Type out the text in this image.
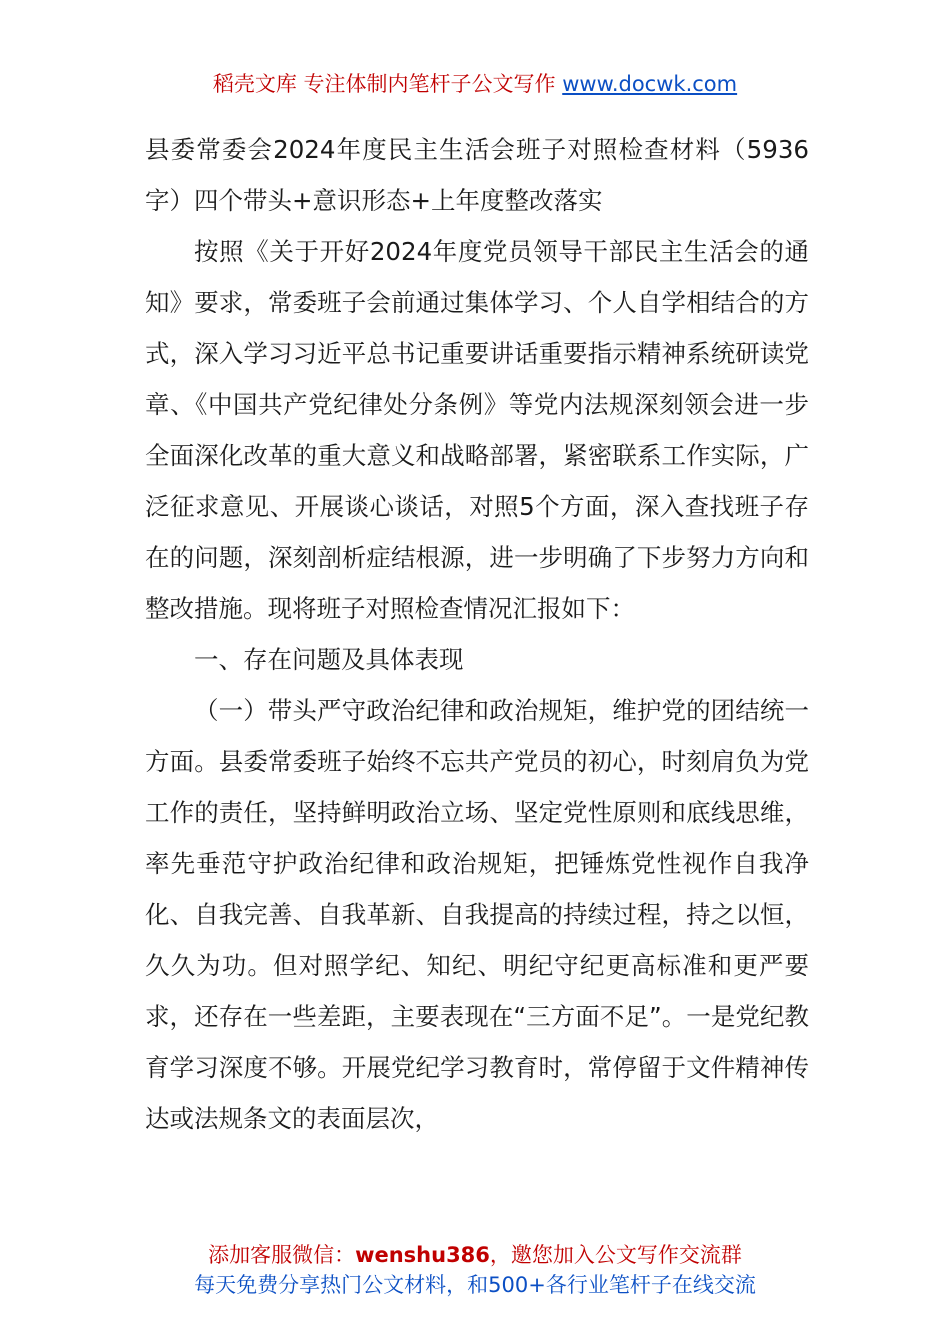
稻壳文库 专注体制内笔杆子公文写作 www.docwk.com

县委常委会2024年度民主生活会班子对照检查材料（5936字）四个带头+意识形态+上年度整改落实

按照《关于开好2024年度党员领导干部民主生活会的通知》要求，常委班子会前通过集体学习、个人自学相结合的方式，深入学习习近平总书记重要讲话重要指示精神系统研读党章、《中国共产党纪律处分条例》等党内法规深刻领会进一步全面深化改革的重大意义和战略部署，紧密联系工作实际，广泛征求意见、开展谈心谈话，对照5个方面，深入查找班子存在的问题，深刻剖析症结根源，进一步明确了下步努力方向和整改措施。现将班子对照检查情况汇报如下：

一、存在问题及具体表现

（一）带头严守政治纪律和政治规矩，维护党的团结统一方面。县委常委班子始终不忘共产党员的初心，时刻肩负为党工作的责任，坚持鲜明政治立场、坚定党性原则和底线思维，率先垂范守护政治纪律和政治规矩，把锤炼党性视作自我净化、自我完善、自我革新、自我提高的持续过程，持之以恒，久久为功。但对照学纪、知纪、明纪守纪更高标准和更严要求，还存在一些差距，主要表现在“三方面不足”。一是党纪教育学习深度不够。开展党纪学习教育时，常停留于文件精神传达或法规条文的表面层次，

添加客服微信：wenshu386，邀您加入公文写作交流群
每天免费分享热门公文材料，和500+各行业笔杆子在线交流
